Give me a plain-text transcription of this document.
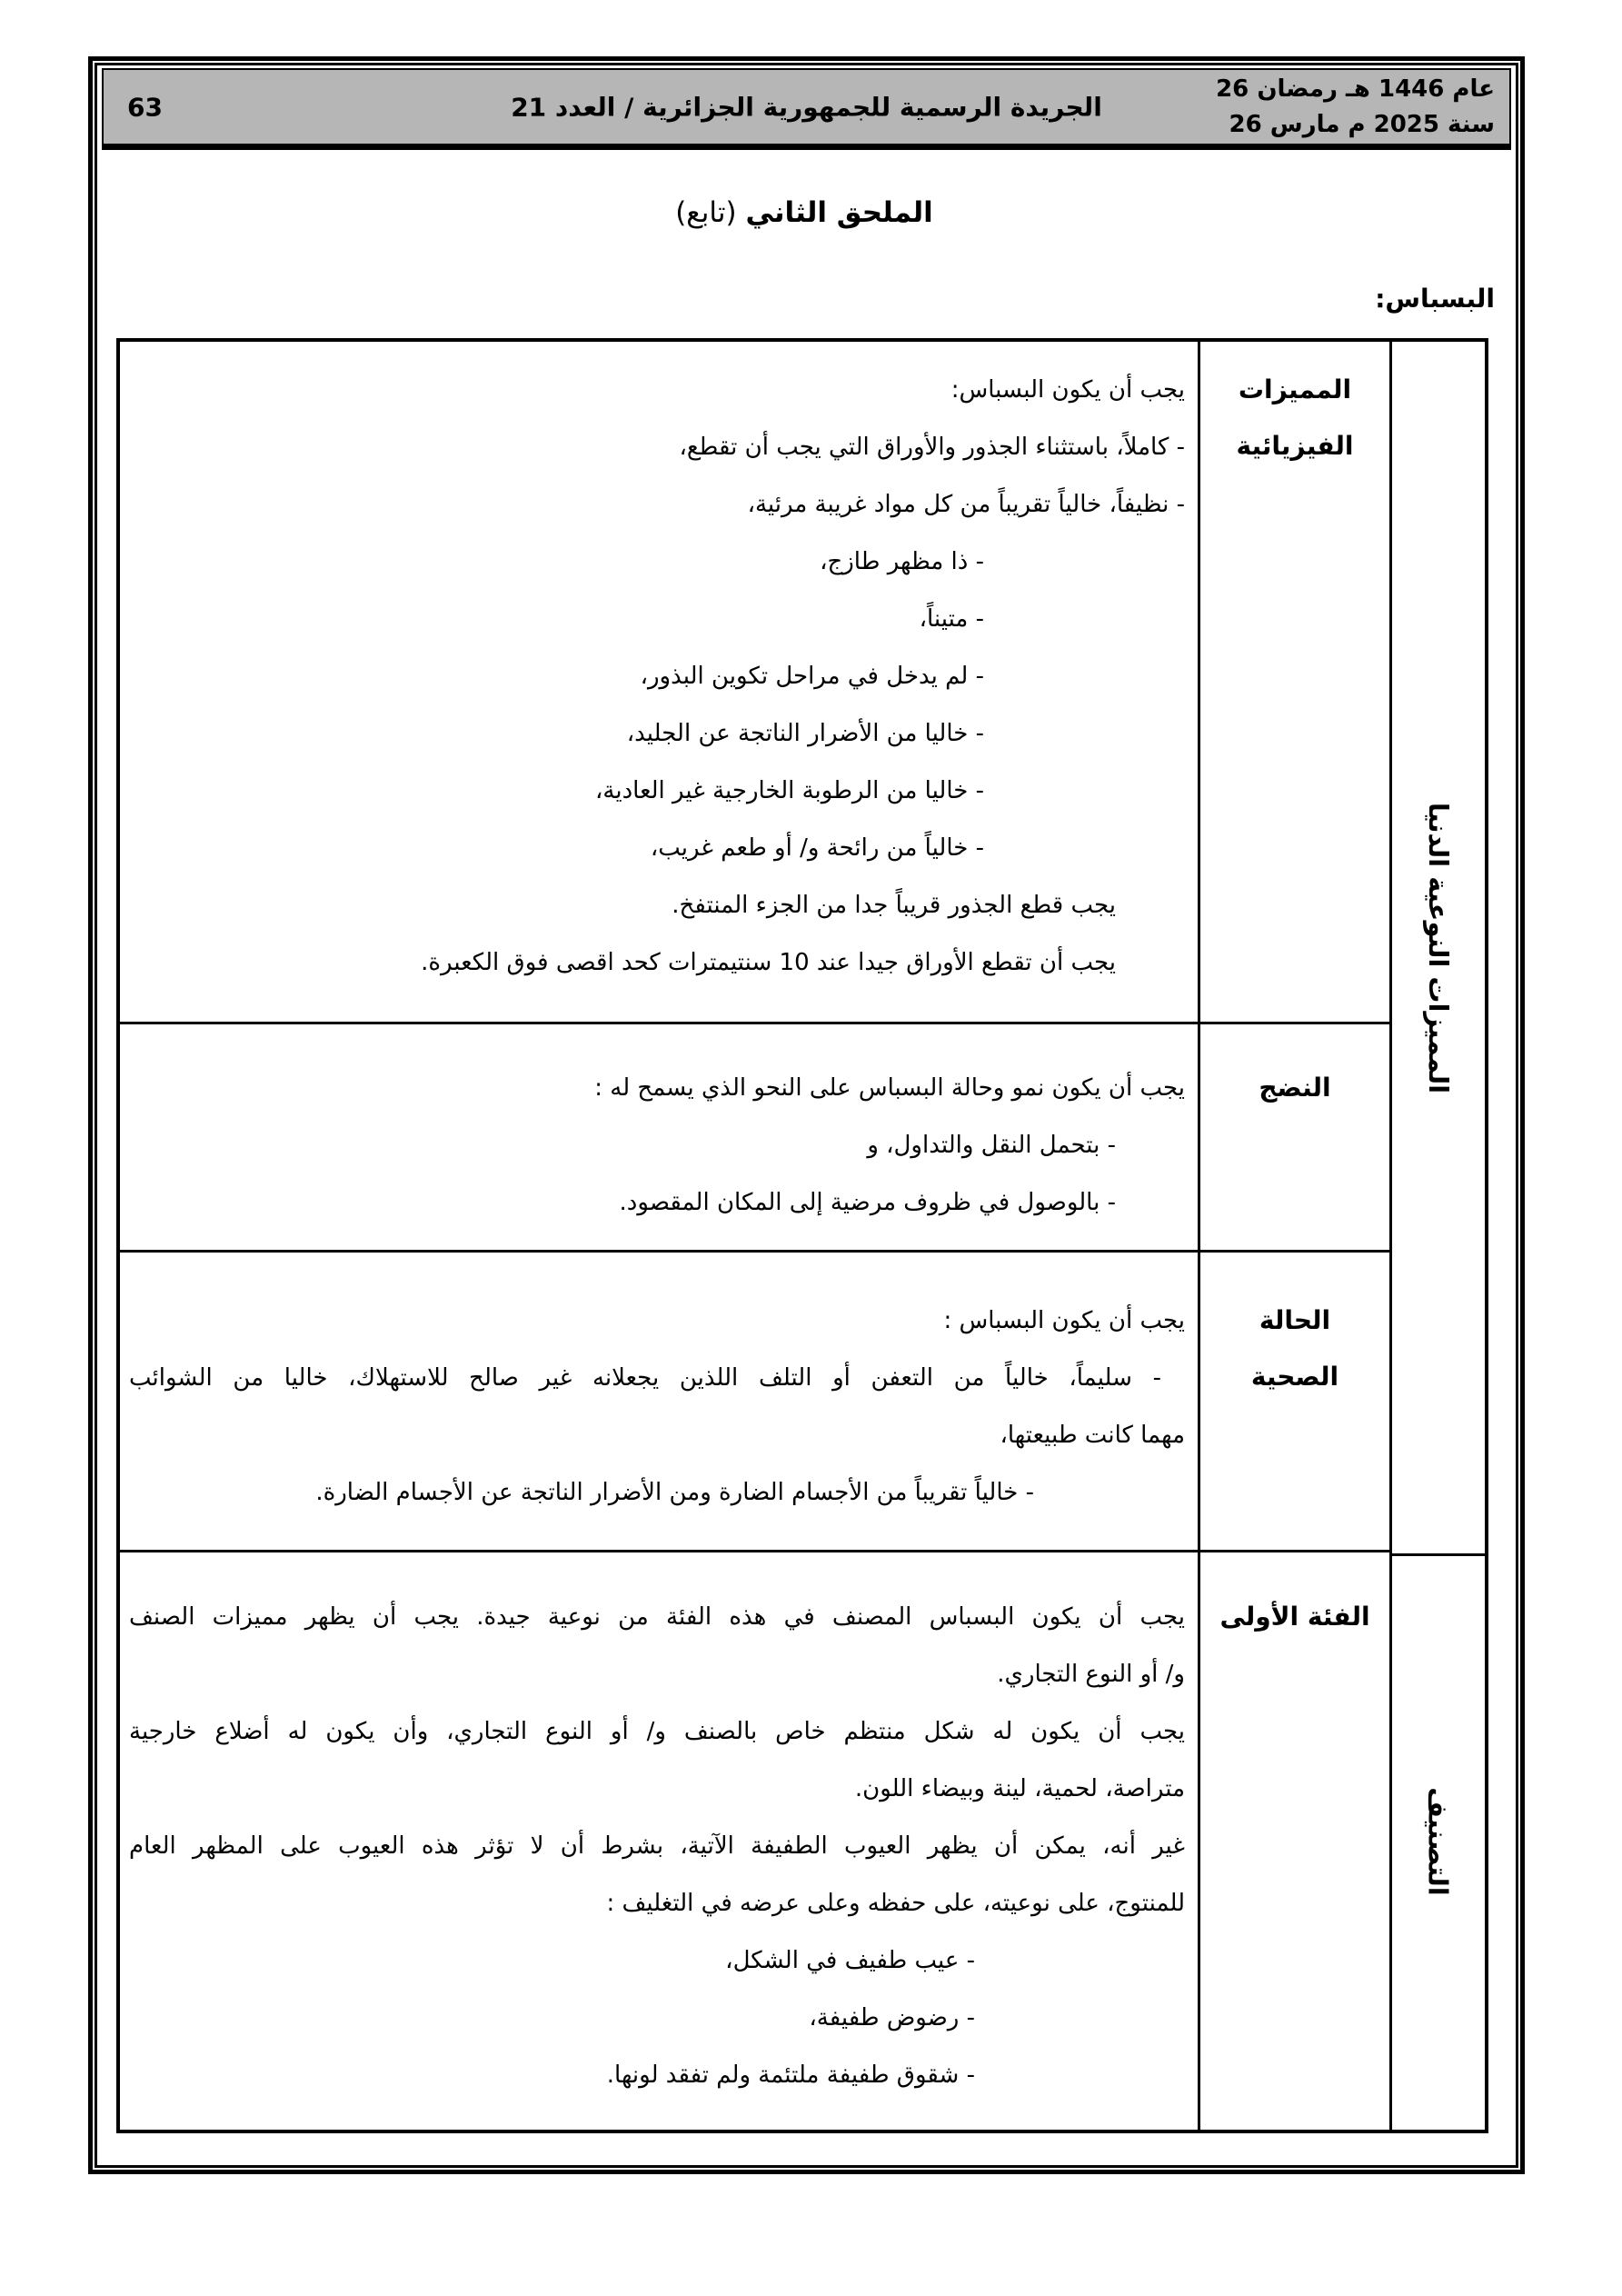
63	الجريدة الرسمية للجمهورية الجزائرية / العدد 21
26 رمضان‎ عام 1446 هـ
26 مارس‎ سنة 2025 م
الملحق الثاني (تابع)
البسباس:
يجب أن يكون البسباس:
- كاملاً، باستثناء الجذور والأوراق التي يجب أن تقطع،
- نظيفاً، خالياً تقريباً من كل مواد غريبة مرئية،
- ذا مظهر طازج،
- متيناً،
- لم يدخل في مراحل تكوين البذور،
- خاليا من الأضرار الناتجة عن الجليد،
- خاليا من الرطوبة الخارجية غير العادية،
- خالياً من رائحة و/ أو طعم غريب،
يجب قطع الجذور قريباً جدا من الجزء المنتفخ.
يجب أن تقطع الأوراق جيدا عند 10 سنتيمترات كحد اقصى فوق الكعبرة.
المميزات
الفيزيائية
يجب أن يكون نمو وحالة البسباس على النحو الذي يسمح له :
- بتحمل النقل والتداول، و
- بالوصول في ظروف مرضية إلى المكان المقصود.
النضج
يجب أن يكون البسباس :
- سليماً، خالياً من التعفن أو التلف اللذين يجعلانه غير صالح للاستهلاك، خاليا من الشوائب
مهما كانت طبيعتها،
- خالياً تقريباً من الأجسام الضارة ومن الأضرار الناتجة عن الأجسام الضارة.
الحالة
الصحية
يجب أن يكون البسباس المصنف في هذه الفئة من نوعية جيدة. يجب أن يظهر مميزات الصنف
و/ أو النوع التجاري.
يجب أن يكون له شكل منتظم خاص بالصنف و/ أو النوع التجاري، وأن يكون له أضلاع خارجية
متراصة، لحمية، لينة وبيضاء اللون.
غير أنه، يمكن أن يظهر العيوب الطفيفة الآتية، بشرط أن لا تؤثر هذه العيوب على المظهر العام
للمنتوج، على نوعيته، على حفظه وعلى عرضه في التغليف :
- عيب طفيف في الشكل،
- رضوض طفيفة،
- شقوق طفيفة ملتئمة ولم تفقد لونها.
الفئة الأولى
المميزات النوعية الدنيا
التصنيف
